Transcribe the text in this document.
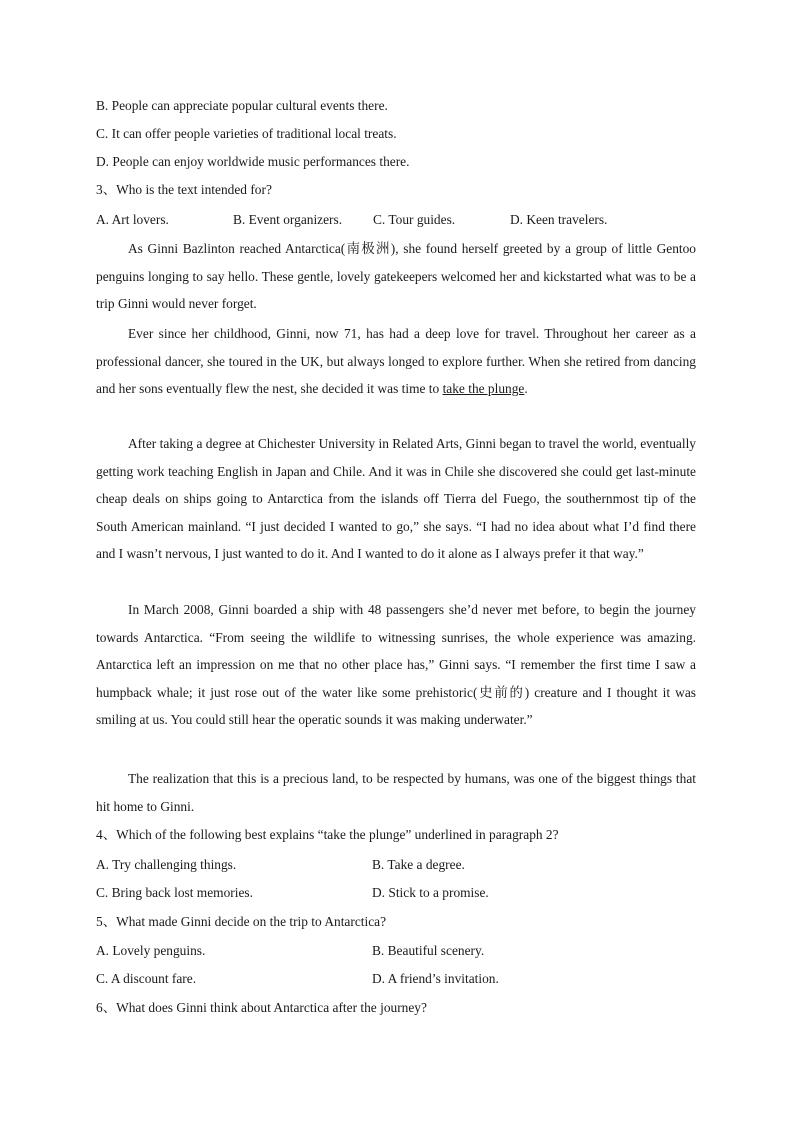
B. People can appreciate popular cultural events there.
C. It can offer people varieties of traditional local treats.
D. People can enjoy worldwide music performances there.
3、Who is the text intended for?
A. Art lovers.	B. Event organizers. C. Tour guides.	D. Keen travelers.

As Ginni Bazlinton reached Antarctica(南极洲), she found herself greeted by a group of little Gentoo penguins longing to say hello. These gentle, lovely gatekeepers welcomed her and kickstarted what was to be a trip Ginni would never forget.

Ever since her childhood, Ginni, now 71, has had a deep love for travel. Throughout her career as a professional dancer, she toured in the UK, but always longed to explore further. When she retired from dancing and her sons eventually flew the nest, she decided it was time to take the plunge.

After taking a degree at Chichester University in Related Arts, Ginni began to travel the world, eventually getting work teaching English in Japan and Chile. And it was in Chile she discovered she could get last-minute cheap deals on ships going to Antarctica from the islands off Tierra del Fuego, the southernmost tip of the South American mainland. “I just decided I wanted to go,” she says. “I had no idea about what I’d find there and I wasn’t nervous, I just wanted to do it. And I wanted to do it alone as I always prefer it that way.”

In March 2008, Ginni boarded a ship with 48 passengers she’d never met before, to begin the journey towards Antarctica. “From seeing the wildlife to witnessing sunrises, the whole experience was amazing. Antarctica left an impression on me that no other place has,” Ginni says. “I remember the first time I saw a humpback whale; it just rose out of the water like some prehistoric(史前的) creature and I thought it was smiling at us. You could still hear the operatic sounds it was making underwater.”

The realization that this is a precious land, to be respected by humans, was one of the biggest things that hit home to Ginni.

4、Which of the following best explains “take the plunge” underlined in paragraph 2?
A. Try challenging things.	B. Take a degree.
C. Bring back lost memories.	D. Stick to a promise.
5、What made Ginni decide on the trip to Antarctica?
A. Lovely penguins.	B. Beautiful scenery.
C. A discount fare.	D. A friend’s invitation.
6、What does Ginni think about Antarctica after the journey?
